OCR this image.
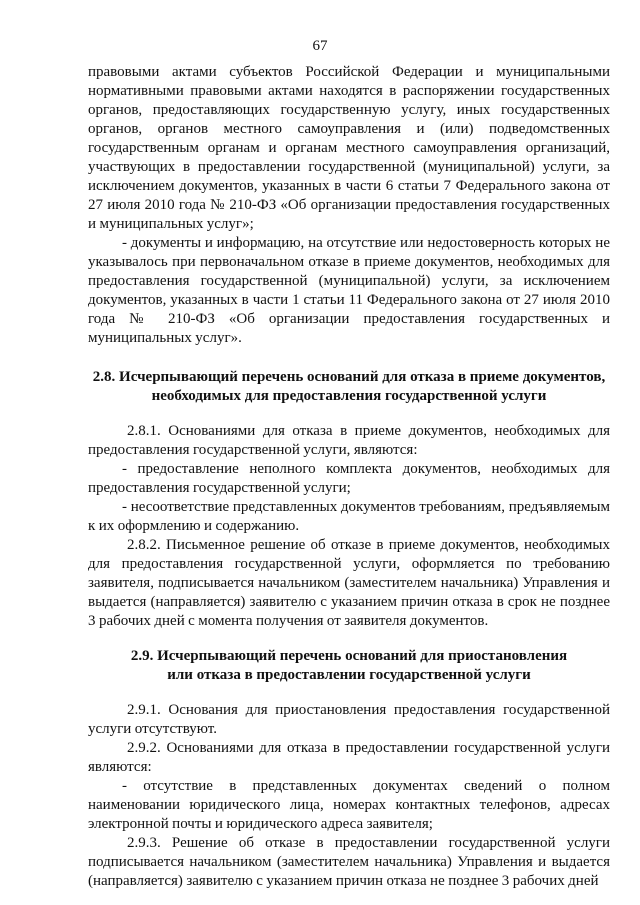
67

правовыми актами субъектов Российской Федерации и муниципальными нормативными правовыми актами находятся в распоряжении государственных органов, предоставляющих государственную услугу, иных государственных органов, органов местного самоуправления и (или) подведомственных государственным органам и органам местного самоуправления организаций, участвующих в предоставлении государственной (муниципальной) услуги, за исключением документов, указанных в части 6 статьи 7 Федерального закона от 27 июля 2010 года № 210-ФЗ «Об организации предоставления государственных и муниципальных услуг»;

- документы и информацию, на отсутствие или недостоверность которых не указывалось при первоначальном отказе в приеме документов, необходимых для предоставления государственной (муниципальной) услуги, за исключением документов, указанных в части 1 статьи 11 Федерального закона от 27 июля 2010 года № 210-ФЗ «Об организации предоставления государственных и муниципальных услуг».

2.8. Исчерпывающий перечень оснований для отказа в приеме документов,
необходимых для предоставления государственной услуги

2.8.1. Основаниями для отказа в приеме документов, необходимых для предоставления государственной услуги, являются:

- предоставление неполного комплекта документов, необходимых для предоставления государственной услуги;

- несоответствие представленных документов требованиям, предъявляемым к их оформлению и содержанию.

2.8.2. Письменное решение об отказе в приеме документов, необходимых для предоставления государственной услуги, оформляется по требованию заявителя, подписывается начальником (заместителем начальника) Управления и выдается (направляется) заявителю с указанием причин отказа в срок не позднее 3 рабочих дней с момента получения от заявителя документов.

2.9. Исчерпывающий перечень оснований для приостановления
или отказа в предоставлении государственной услуги

2.9.1. Основания для приостановления предоставления государственной услуги отсутствуют.

2.9.2. Основаниями для отказа в предоставлении государственной услуги являются:

- отсутствие в представленных документах сведений о полном наименовании юридического лица, номерах контактных телефонов, адресах электронной почты и юридического адреса заявителя;

2.9.3. Решение об отказе в предоставлении государственной услуги подписывается начальником (заместителем начальника) Управления и выдается (направляется) заявителю с указанием причин отказа не позднее 3 рабочих дней
